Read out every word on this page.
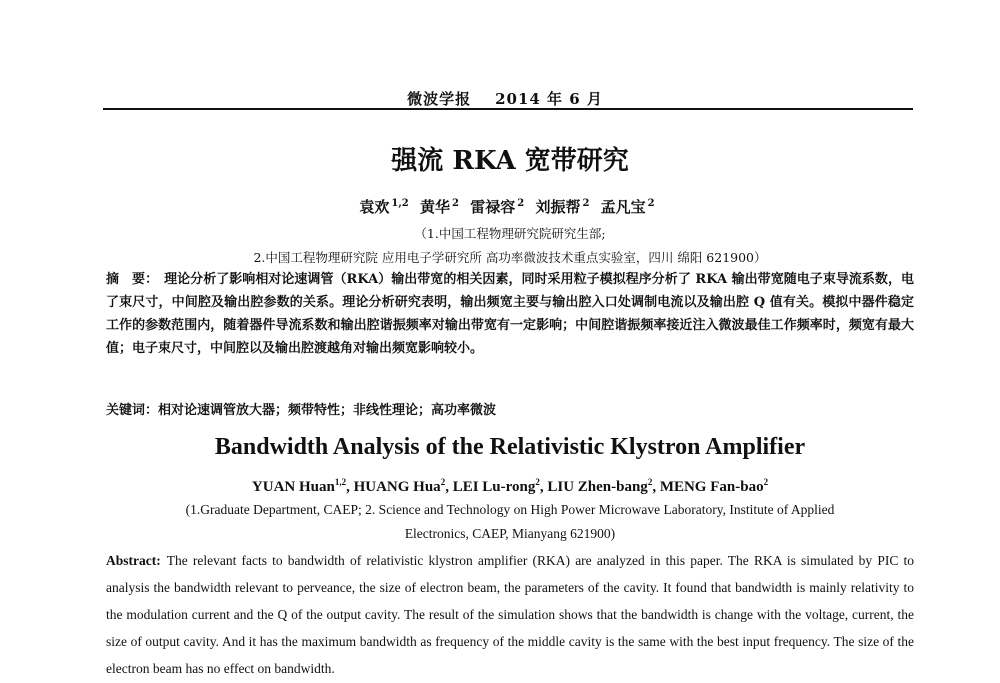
微波学报 2014 年 6 月
强流 RKA 宽带研究
袁欢 $^{1,2}$ 黄华 $^2$ 雷禄容 $^2$ 刘振帮 $^2$ 孟凡宝 $^2$
（1.中国工程物理研究院研究生部;
2.中国工程物理研究院 应用电子学研究所 高功率微波技术重点实验室，四川 绵阳 621900）
摘　要： 理论分析了影响相对论速调管（RKA）输出带宽的相关因素，同时采用粒子模拟程序分析了 RKA 输出带宽随电子束导流系数，电了束尺寸，中间腔及输出腔参数的关系。理论分析研究表明，输出频宽主要与输出腔入口处调制电流以及输出腔 Q 值有关。模拟中器件稳定工作的参数范围内，随着器件导流系数和输出腔谐振频率对输出带宽有一定影响；中间腔谐振频率接近注入微波最佳工作频率时，频宽有最大值；电子束尺寸，中间腔以及输出腔渡越角对输出频宽影响较小。
关键词：相对论速调管放大器；频带特性；非线性理论；高功率微波
Bandwidth Analysis of the Relativistic Klystron Amplifier
YUAN Huan$^{1,2}$, HUANG Hua$^2$, LEI Lu-rong$^2$, LIU Zhen-bang$^2$, MENG Fan-bao$^2$
(1.Graduate Department, CAEP; 2. Science and Technology on High Power Microwave Laboratory, Institute of Applied
Electronics, CAEP, Mianyang 621900)
Abstract: The relevant facts to bandwidth of relativistic klystron amplifier (RKA) are analyzed in this paper. The RKA is simulated by PIC to analysis the bandwidth relevant to perveance, the size of electron beam, the parameters of the cavity. It found that bandwidth is mainly relativity to the modulation current and the Q of the output cavity. The result of the simulation shows that the bandwidth is change with the voltage, current, the size of output cavity. And it has the maximum bandwidth as frequency of the middle cavity is the same with the best input frequency. The size of the electron beam has no effect on bandwidth.
